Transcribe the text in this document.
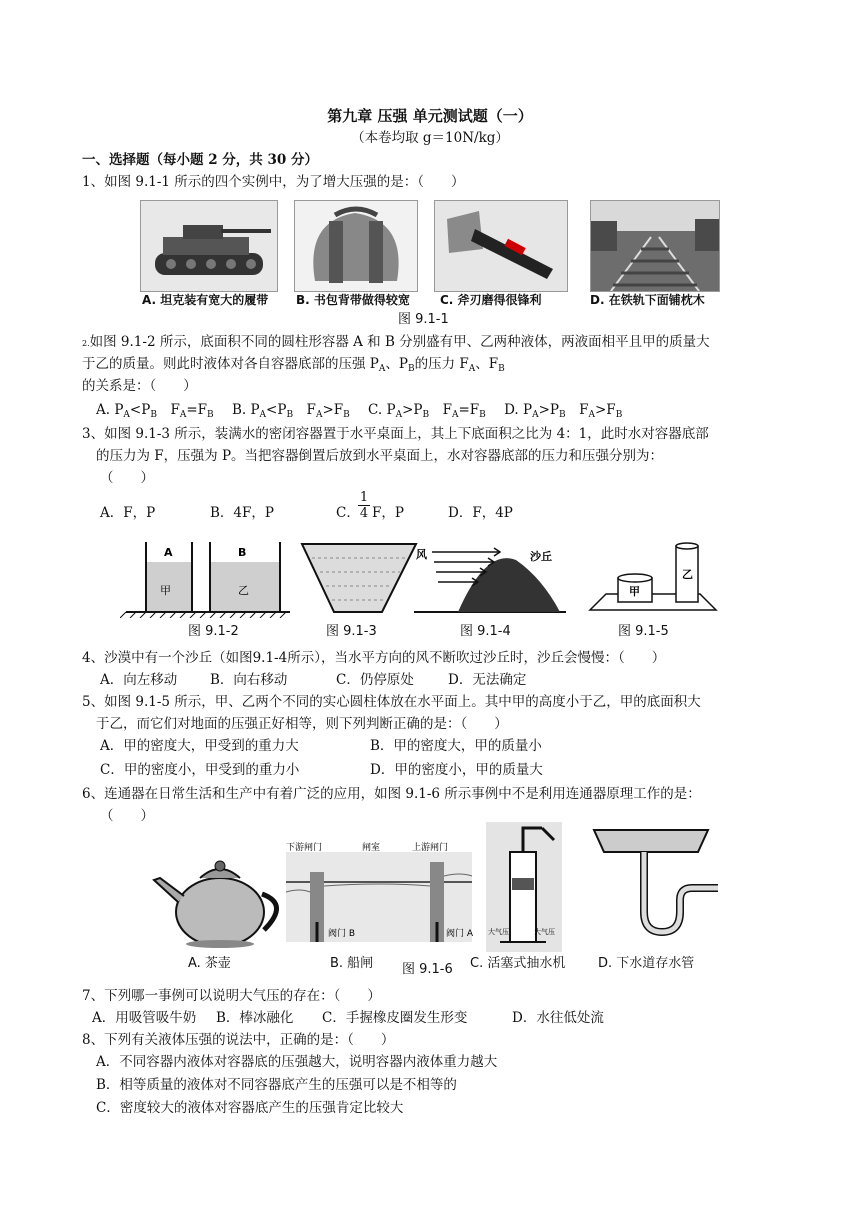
第九章 压强 单元测试题（一）
（本卷均取 g＝10N/kg）
一、选择题（每小题 2 分，共 30 分）
1、如图 9.1-1 所示的四个实例中，为了增大压强的是：（　　）
A. 坦克装有宽大的履带 B. 书包背带做得较宽	C. 斧刃磨得很锋利	D. 在铁轨下面铺枕木
图 9.1-1
2.如图 9.1-2 所示，底面积不同的圆柱形容器 A 和 B 分别盛有甲、乙两种液体，两液面相平且甲的质量大
于乙的质量。则此时液体对各自容器底部的压强 $P_A$、$P_B$的压力 $F_A$、$F_B$
的关系是：（　　）
A. $P_A<P_B$　$F_A=F_B$ B. $P_A<P_B$　$F_A>F_B$ C. $P_A>P_B$　$F_A=F_B$ D. $P_A>P_B$　$F_A>F_B$
3、如图 9.1-3 所示，装满水的密闭容器置于水平桌面上，其上下底面积之比为 4：1，此时水对容器底部
的压力为 F，压强为 P。当把容器倒置后放到水平桌面上，水对容器底部的压力和压强分别为：
（　　）
A．F，P	B．4F，P	C．
$\frac{1}{4}$ F，P	D．F，4P
A	B
甲	乙
风	沙丘
甲
乙
图 9.1-2	图 9.1-3	图 9.1-4	图 9.1-5
4、沙漠中有一个沙丘（如图9.1-4所示），当水平方向的风不断吹过沙丘时，沙丘会慢慢：（　　）
A．向左移动 B．向右移动	C．仍停原处	D．无法确定
5、如图 9.1-5 所示，甲、乙两个不同的实心圆柱体放在水平面上。其中甲的高度小于乙，甲的底面积大
于乙，而它们对地面的压强正好相等，则下列判断正确的是：（　　）
A．甲的密度大，甲受到的重力大	B．甲的密度大，甲的质量小
C．甲的密度小，甲受到的重力小	D．甲的密度小，甲的质量大
6、连通器在日常生活和生产中有着广泛的应用，如图 9.1-6 所示事例中不是利用连通器原理工作的是：
（　　）
下游闸门	闸室	上游闸门
阀门 B	阀门 A 大气压	大气压
A. 茶壶	B. 船闸 图 9.1-6 C. 活塞式抽水机	D. 下水道存水管
7、下列哪一事例可以说明大气压的存在：（　　）
A．用吸管吸牛奶 B．棒冰融化 C．手握橡皮圈发生形变	D．水往低处流
8、下列有关液体压强的说法中，正确的是：（　　）
A．不同容器内液体对容器底的压强越大，说明容器内液体重力越大
B．相等质量的液体对不同容器底产生的压强可以是不相等的
C．密度较大的液体对容器底产生的压强肯定比较大
